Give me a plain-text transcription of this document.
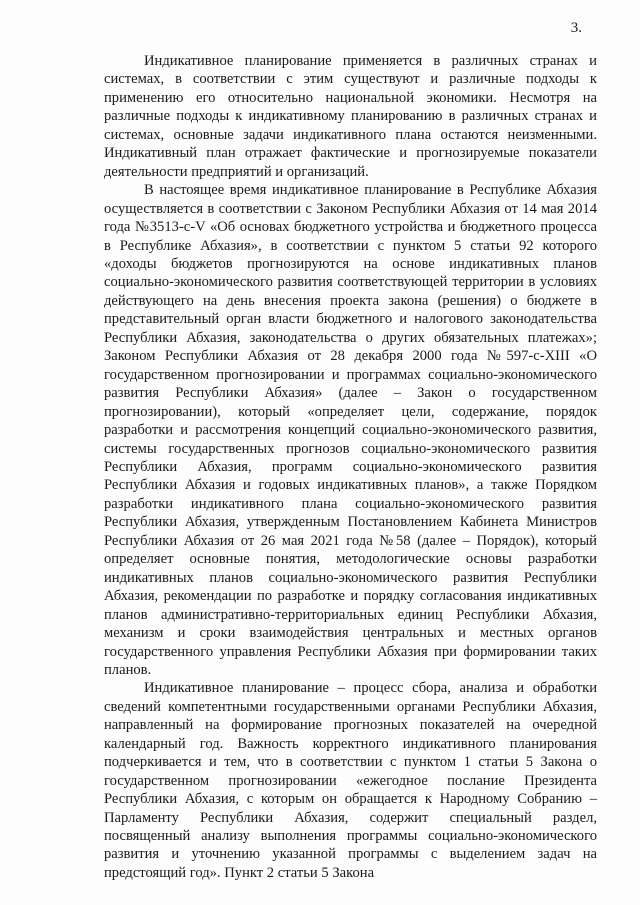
3.

Индикативное планирование применяется в различных странах и системах, в соответствии с этим существуют и различные подходы к применению его относительно национальной экономики. Несмотря на различные подходы к индикативному планированию в различных странах и системах, основные задачи индикативного плана остаются неизменными. Индикативный план отражает фактические и прогнозируемые показатели деятельности предприятий и организаций.

В настоящее время индикативное планирование в Республике Абхазия осуществляется в соответствии с Законом Республики Абхазия от 14 мая 2014 года №3513-с-V «Об основах бюджетного устройства и бюджетного процесса в Республике Абхазия», в соответствии с пунктом 5 статьи 92 которого «доходы бюджетов прогнозируются на основе индикативных планов социально-экономического развития соответствующей территории в условиях действующего на день внесения проекта закона (решения) о бюджете в представительный орган власти бюджетного и налогового законодательства Республики Абхазия, законодательства о других обязательных платежах»; Законом Республики Абхазия от 28 декабря 2000 года №597-с-XIII «О государственном прогнозировании и программах социально-экономического развития Республики Абхазия» (далее – Закон о государственном прогнозировании), который «определяет цели, содержание, порядок разработки и рассмотрения концепций социально-экономического развития, системы государственных прогнозов социально-экономического развития Республики Абхазия, программ социально-экономического развития Республики Абхазия и годовых индикативных планов», а также Порядком разработки индикативного плана социально-экономического развития Республики Абхазия, утвержденным Постановлением Кабинета Министров Республики Абхазия от 26 мая 2021 года №58 (далее – Порядок), который определяет основные понятия, методологические основы разработки индикативных планов социально-экономического развития Республики Абхазия, рекомендации по разработке и порядку согласования индикативных планов административно-территориальных единиц Республики Абхазия, механизм и сроки взаимодействия центральных и местных органов государственного управления Республики Абхазия при формировании таких планов.

Индикативное планирование – процесс сбора, анализа и обработки сведений компетентными государственными органами Республики Абхазия, направленный на формирование прогнозных показателей на очередной календарный год. Важность корректного индикативного планирования подчеркивается и тем, что в соответствии с пунктом 1 статьи 5 Закона о государственном прогнозировании «ежегодное послание Президента Республики Абхазия, с которым он обращается к Народному Собранию – Парламенту Республики Абхазия, содержит специальный раздел, посвященный анализу выполнения программы социально-экономического развития и уточнению указанной программы с выделением задач на предстоящий год». Пункт 2 статьи 5 Закона
